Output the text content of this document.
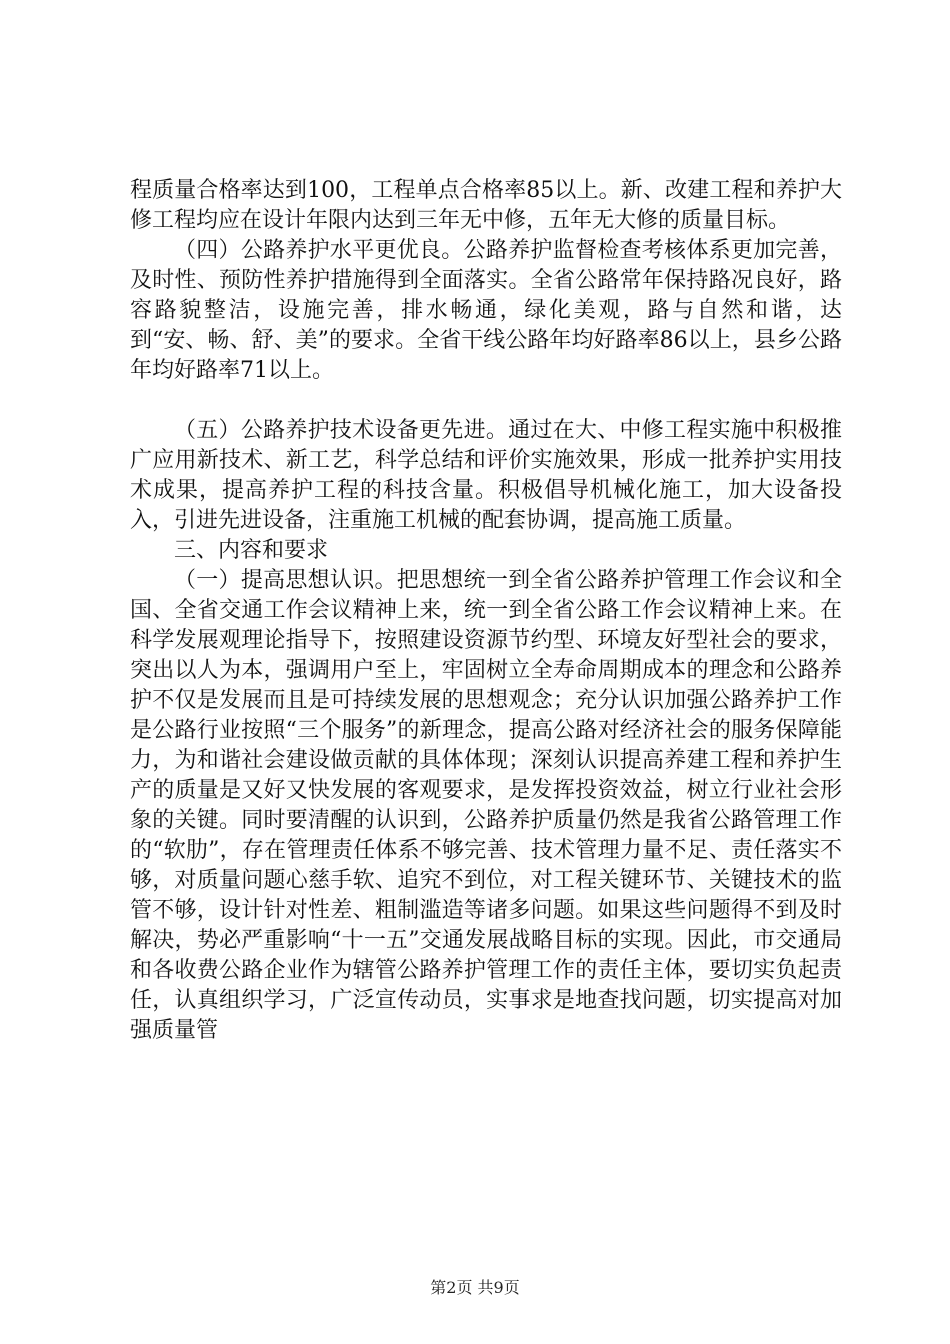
程质量合格率达到100，工程单点合格率85以上。新、改建工程和养护大修工程均应在设计年限内达到三年无中修，五年无大修的质量目标。

（四）公路养护水平更优良。公路养护监督检查考核体系更加完善，及时性、预防性养护措施得到全面落实。全省公路常年保持路况良好，路容路貌整洁，设施完善，排水畅通，绿化美观，路与自然和谐，达到“安、畅、舒、美”的要求。全省干线公路年均好路率86以上，县乡公路年均好路率71以上。

（五）公路养护技术设备更先进。通过在大、中修工程实施中积极推广应用新技术、新工艺，科学总结和评价实施效果，形成一批养护实用技术成果，提高养护工程的科技含量。积极倡导机械化施工，加大设备投入，引进先进设备，注重施工机械的配套协调，提高施工质量。

三、内容和要求

（一）提高思想认识。把思想统一到全省公路养护管理工作会议和全国、全省交通工作会议精神上来，统一到全省公路工作会议精神上来。在科学发展观理论指导下，按照建设资源节约型、环境友好型社会的要求，突出以人为本，强调用户至上，牢固树立全寿命周期成本的理念和公路养护不仅是发展而且是可持续发展的思想观念；充分认识加强公路养护工作是公路行业按照“三个服务”的新理念，提高公路对经济社会的服务保障能力，为和谐社会建设做贡献的具体体现；深刻认识提高养建工程和养护生产的质量是又好又快发展的客观要求，是发挥投资效益，树立行业社会形象的关键。同时要清醒的认识到，公路养护质量仍然是我省公路管理工作的“软肋”，存在管理责任体系不够完善、技术管理力量不足、责任落实不够，对质量问题心慈手软、追究不到位，对工程关键环节、关键技术的监管不够，设计针对性差、粗制滥造等诸多问题。如果这些问题得不到及时解决，势必严重影响“十一五”交通发展战略目标的实现。因此，市交通局和各收费公路企业作为辖管公路养护管理工作的责任主体，要切实负起责任，认真组织学习，广泛宣传动员，实事求是地查找问题，切实提高对加强质量管

第2页 共9页
